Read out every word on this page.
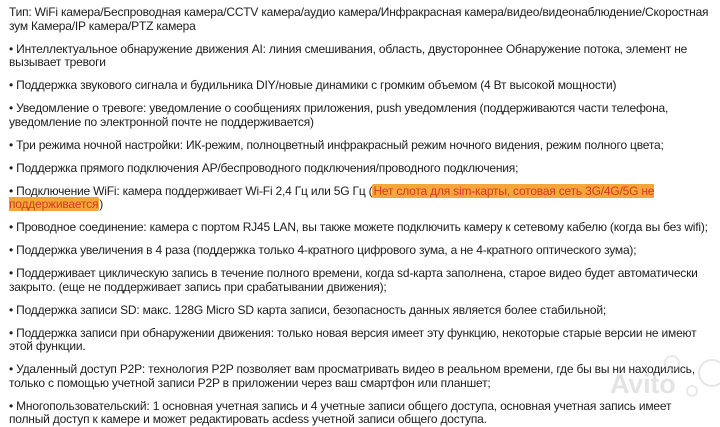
Тип: WiFi камера/Беспроводная камера/CCTV камера/аудио камера/Инфракрасная камера/видео/видеонаблюдение/Скоростная зум Камера/IP камера/PTZ камера

• Интеллектуальное обнаружение движения AI: линия смешивания, область, двустороннее Обнаружение потока, элемент не вызывает тревоги

• Поддержка звукового сигнала и будильника DIY/новые динамики с громким объемом (4 Вт высокой мощности)

• Уведомление о тревоге: уведомление о сообщениях приложения, push уведомления (поддерживаются части телефона, уведомление по электронной почте не поддерживается)

• Три режима ночной настройки: ИК-режим, полноцветный инфракрасный режим ночного видения, режим полного цвета;

• Поддержка прямого подключения AP/беспроводного подключения/проводного подключения;

• Подключение WiFi: камера поддерживает Wi-Fi 2,4 Гц или 5G Гц (Нет слота для sim-карты, сотовая сеть 3G/4G/5G не поддерживается)

• Проводное соединение: камера с портом RJ45 LAN, вы также можете подключить камеру к сетевому кабелю (когда вы без wifi);

• Поддержка увеличения в 4 раза (поддержка только 4-кратного цифрового зума, а не 4-кратного оптического зума);

• Поддерживает циклическую запись в течение полного времени, когда sd-карта заполнена, старое видео будет автоматически закрыто. (еще не поддерживает запись при срабатывании движения);

• Поддержка записи SD: макс. 128G Micro SD карта записи, безопасность данных является более стабильной;

• Поддержка записи при обнаружении движения: только новая версия имеет эту функцию, некоторые старые версии не имеют этой функции.

• Удаленный доступ P2P: технология P2P позволяет вам просматривать видео в реальном времени, где бы вы ни находились, только с помощью учетной записи P2P в приложении через ваш смартфон или планшет;

• Многопользовательский: 1 основная учетная запись и 4 учетные записи общего доступа, основная учетная запись имеет полный доступ к камере и может редактировать acdess учетной записи общего доступа.

Avito
